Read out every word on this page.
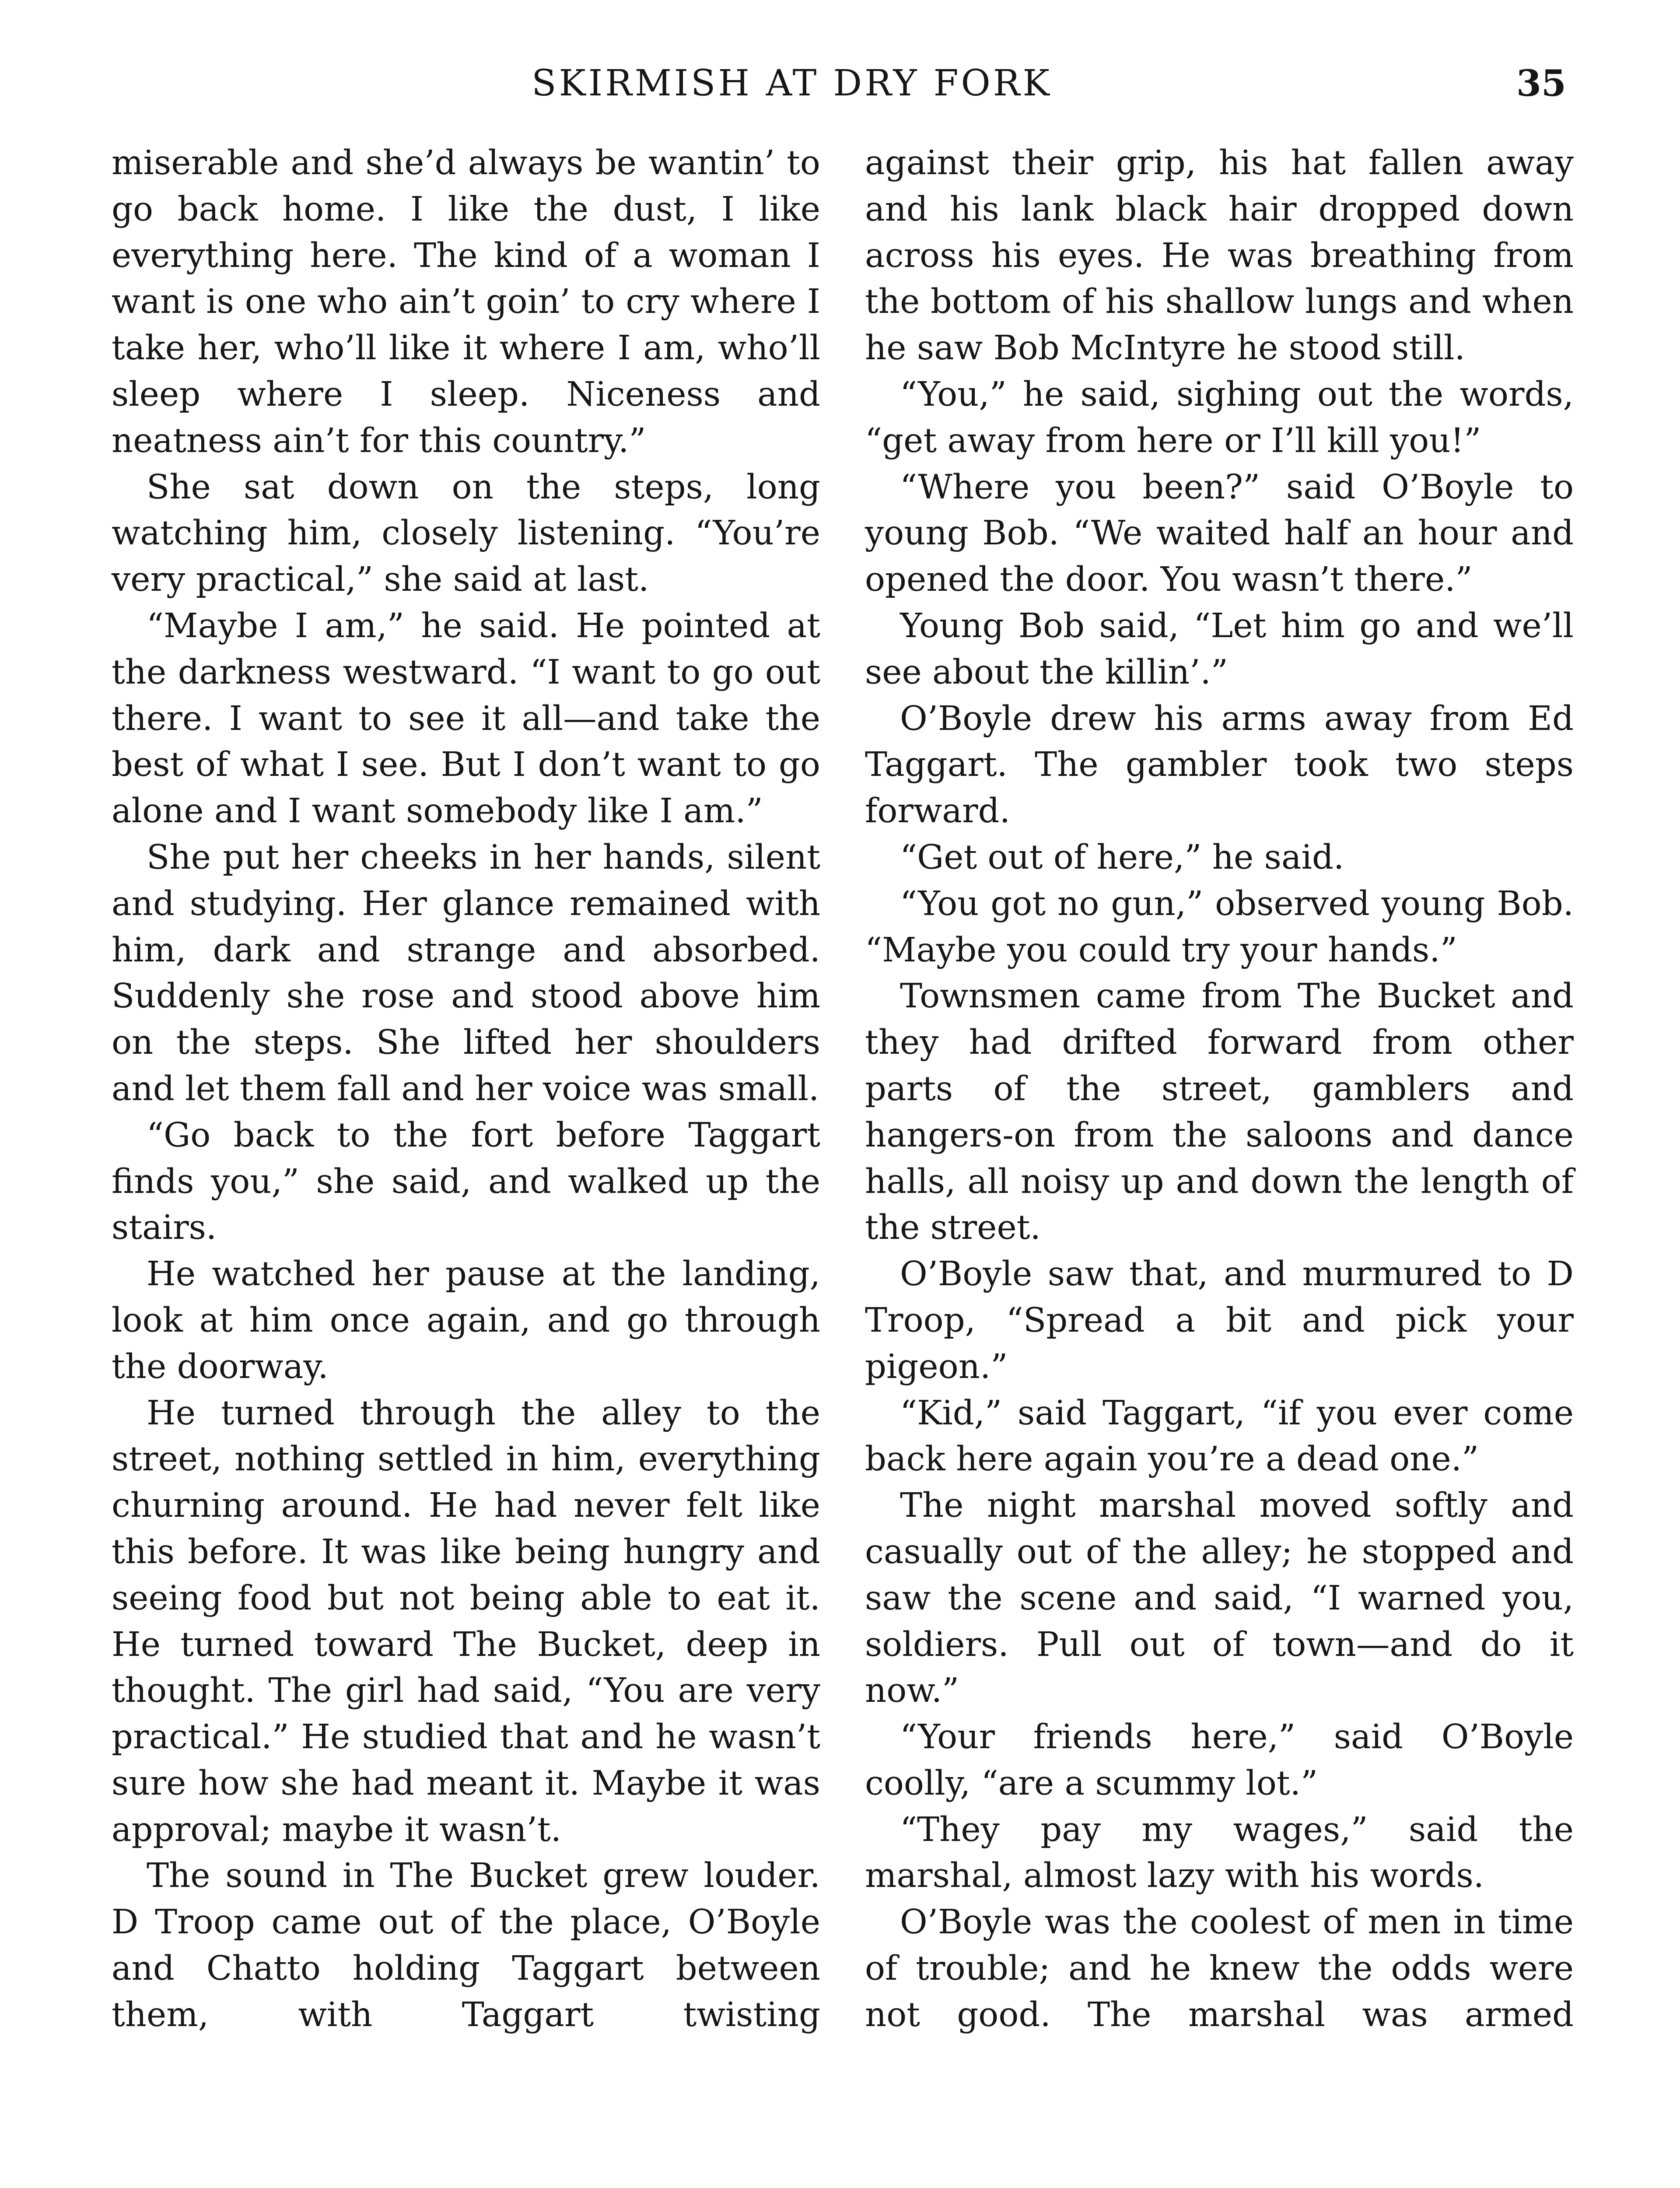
SKIRMISH AT DRY FORK	35

miserable and she’d always be wantin’ to go back home. I like the dust, I like everything here. The kind of a woman I want is one who ain’t goin’ to cry where I take her, who’ll like it where I am, who’ll sleep where I sleep. Niceness and neatness ain’t for this country.”

She sat down on the steps, long watching him, closely listening. “You’re very practical,” she said at last.

“Maybe I am,” he said. He pointed at the darkness westward. “I want to go out there. I want to see it all—and take the best of what I see. But I don’t want to go alone and I want somebody like I am.”

She put her cheeks in her hands, silent and studying. Her glance remained with him, dark and strange and absorbed. Suddenly she rose and stood above him on the steps. She lifted her shoulders and let them fall and her voice was small.

“Go back to the fort before Taggart finds you,” she said, and walked up the stairs.

He watched her pause at the landing, look at him once again, and go through the doorway.

He turned through the alley to the street, nothing settled in him, everything churning around. He had never felt like this before. It was like being hungry and seeing food but not being able to eat it. He turned toward The Bucket, deep in thought. The girl had said, “You are very practical.” He studied that and he wasn’t sure how she had meant it. Maybe it was approval; maybe it wasn’t.

The sound in The Bucket grew louder. D Troop came out of the place, O’Boyle and Chatto holding Taggart between them, with Taggart twisting

against their grip, his hat fallen away and his lank black hair dropped down across his eyes. He was breathing from the bottom of his shallow lungs and when he saw Bob McIntyre he stood still.

“You,” he said, sighing out the words, “get away from here or I’ll kill you!”

“Where you been?” said O’Boyle to young Bob. “We waited half an hour and opened the door. You wasn’t there.”

Young Bob said, “Let him go and we’ll see about the killin’.”

O’Boyle drew his arms away from Ed Taggart. The gambler took two steps forward.

“Get out of here,” he said.

“You got no gun,” observed young Bob. “Maybe you could try your hands.”

Townsmen came from The Bucket and they had drifted forward from other parts of the street, gamblers and hangers-on from the saloons and dance halls, all noisy up and down the length of the street.

O’Boyle saw that, and murmured to D Troop, “Spread a bit and pick your pigeon.”

“Kid,” said Taggart, “if you ever come back here again you’re a dead one.”

The night marshal moved softly and casually out of the alley; he stopped and saw the scene and said, “I warned you, soldiers. Pull out of town—and do it now.”

“Your friends here,” said O’Boyle coolly, “are a scummy lot.”

“They pay my wages,” said the marshal, almost lazy with his words.

O’Boyle was the coolest of men in time of trouble; and he knew the odds were not good. The marshal was armed
